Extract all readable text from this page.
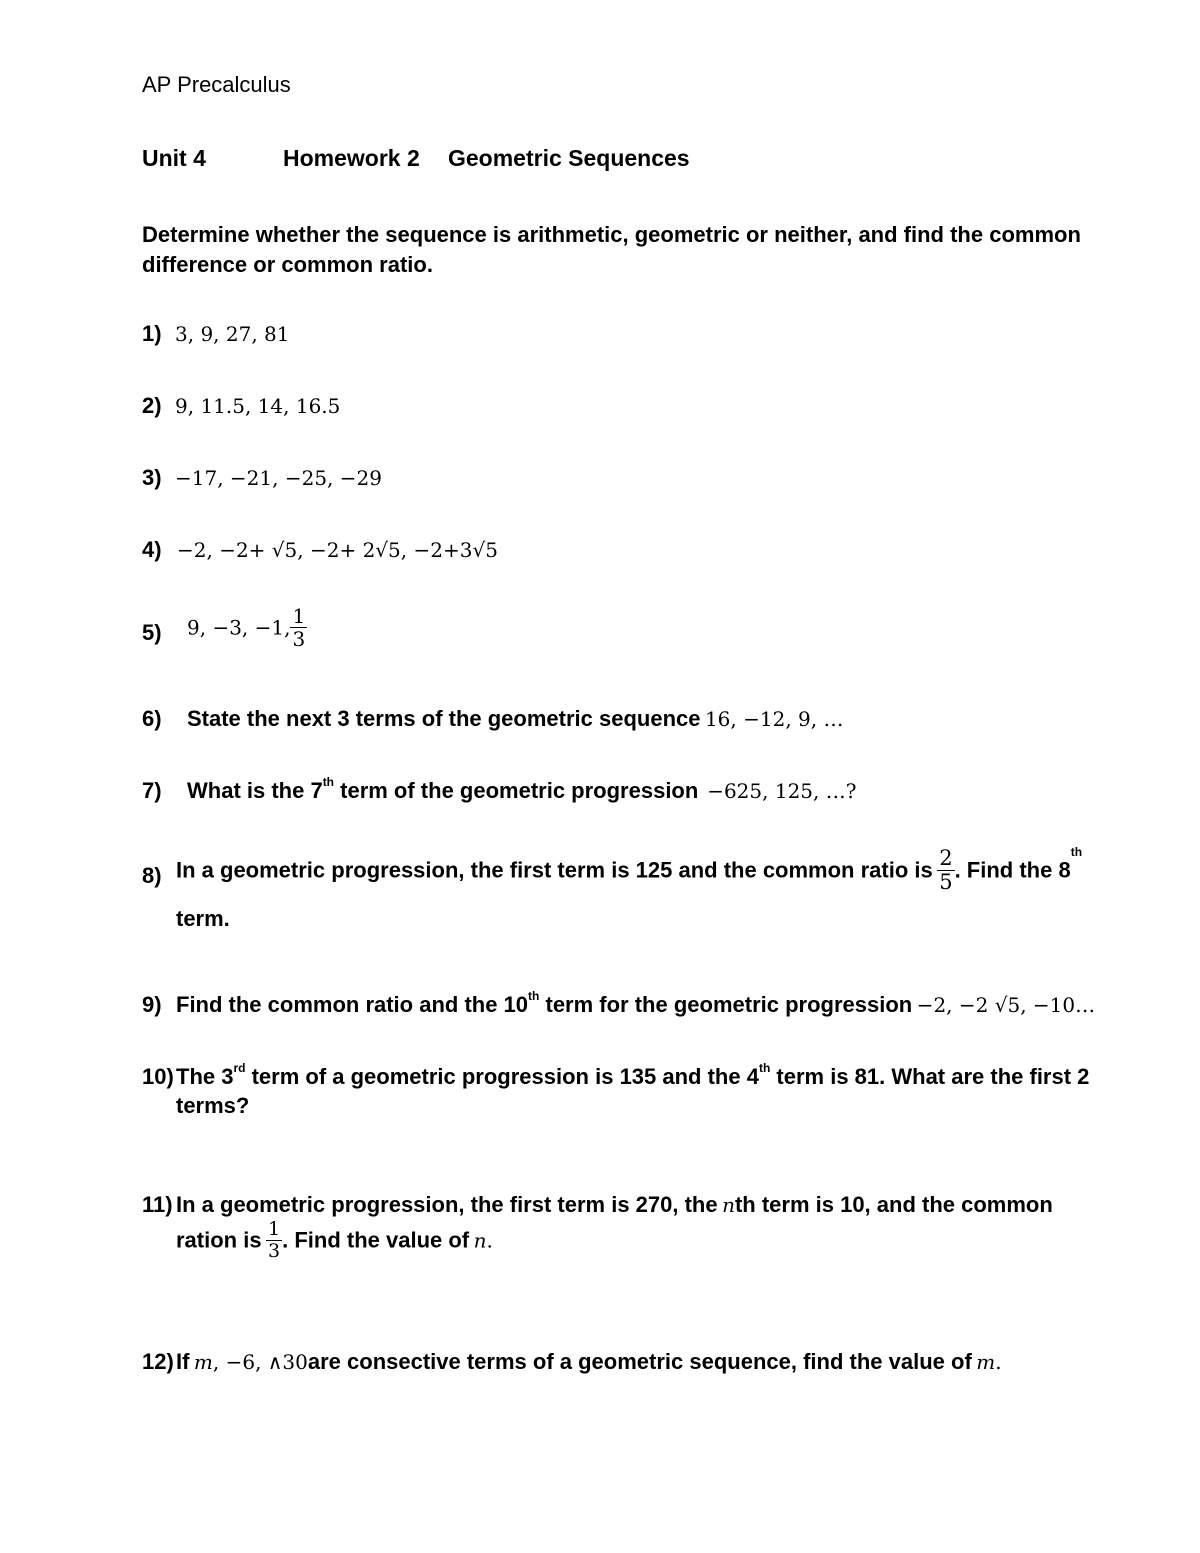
AP Precalculus
Unit 4	Homework 2 Geometric Sequences
Determine whether the sequence is arithmetic, geometric or neither, and find the common
difference or common ratio.
1) 3, 9, 27, 81
2) 9, 11.5, 14, 16.5
3) −17, −21, −25, −29
4) −2, −2+ √5, −2+ 2√5, −2+3√5
5) 9, −3, −1, $\frac{1}{3}$
6) State the next 3 terms of the geometric sequence 16, −12, 9, …
7) What is the 7th term of the geometric progression −625, 125, …?
8) In a geometric progression, the first term is 125 and the common ratio is $\frac{2}{5}$ . Find the 8th
term.
9) Find the common ratio and the 10th term for the geometric progression −2, −2 √5, −10…
10) The 3rd term of a geometric progression is 135 and the 4th term is 81. What are the first 2
terms?
11) In a geometric progression, the first term is 270, the nth term is 10, and the common
ration is $\frac{1}{3}$ . Find the value of n.
12) If m, −6, ∧30are consective terms of a geometric sequence, find the value of m.
